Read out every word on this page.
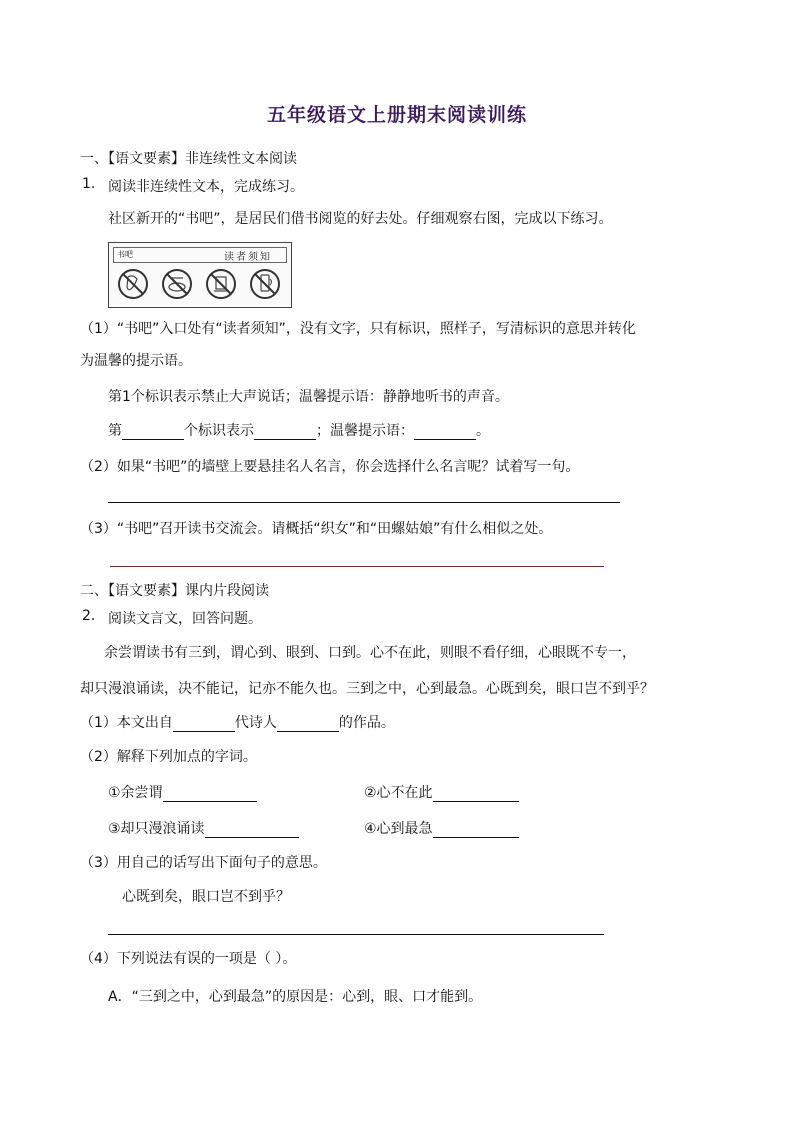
五年级语文上册期末阅读训练
一、【语文要素】非连续性文本阅读
1. 阅读非连续性文本，完成练习。
社区新开的“书吧”，是居民们借书阅览的好去处。仔细观察右图，完成以下练习。
书吧	读者须知
（1）“书吧”入口处有“读者须知”，没有文字，只有标识，照样子，写清标识的意思并转化
为温馨的提示语。
第1个标识表示禁止大声说话；温馨提示语：静静地听书的声音。
第	个标识表示	；温馨提示语：	。
（2）如果“书吧”的墙壁上要悬挂名人名言，你会选择什么名言呢？试着写一句。
（3）“书吧”召开读书交流会。请概括“织女”和“田螺姑娘”有什么相似之处。
二、【语文要素】课内片段阅读
2. 阅读文言文，回答问题。
余尝谓读书有三到，谓心到、眼到、口到。心不在此，则眼不看仔细，心眼既不专一，
却只漫浪诵读，决不能记，记亦不能久也。三到之中，心到最急。心既到矣，眼口岂不到乎？
（1）本文出自	代诗人	的作品。
（2）解释下列加点的字词。
①余尝谓	②心不在此
③却只漫浪诵读	④心到最急
（3）用自己的话写出下面句子的意思。
心既到矣，眼口岂不到乎？
（4）下列说法有误的一项是（ ）。
A．“三到之中，心到最急”的原因是：心到，眼、口才能到。
